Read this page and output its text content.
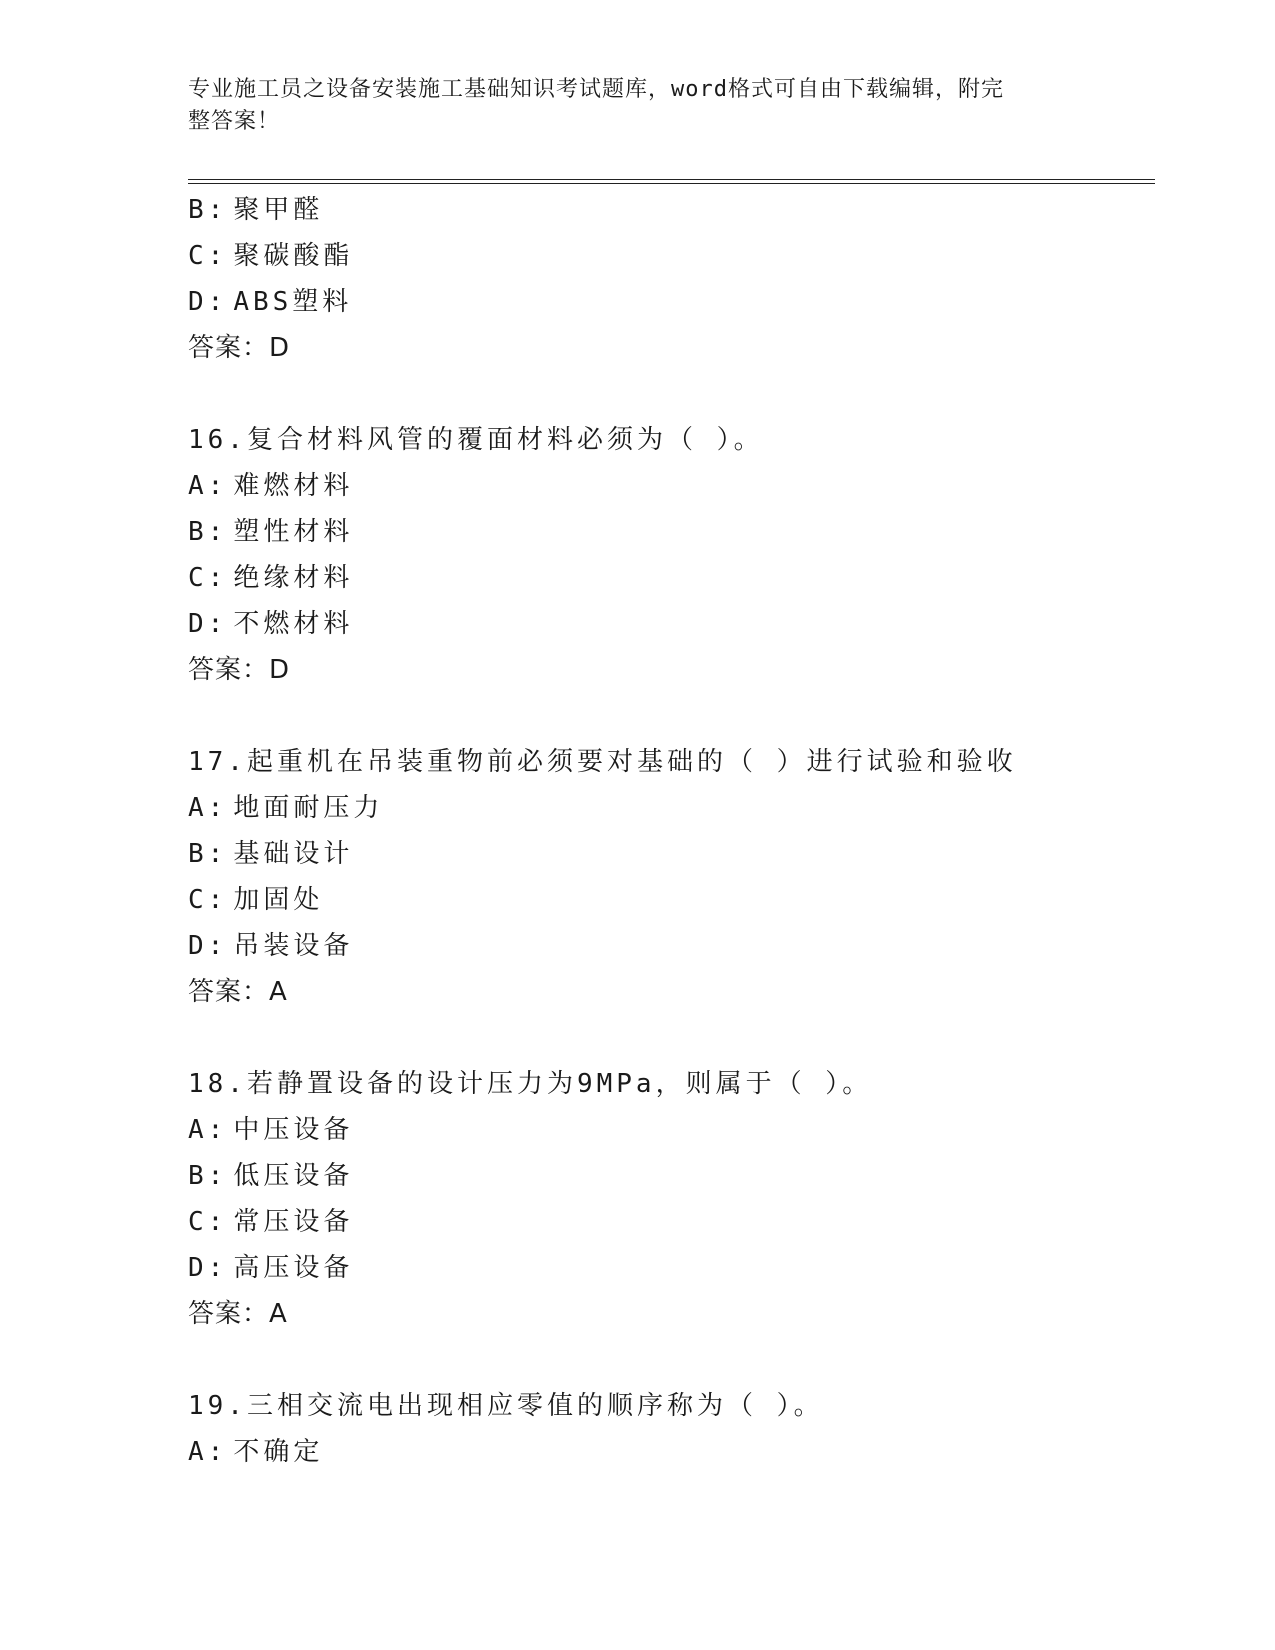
专业施工员之设备安装施工基础知识考试题库，word格式可自由下载编辑，附完
整答案！
B: 聚甲醛
C: 聚碳酸酯
D: ABS塑料
答案：D
16.复合材料风管的覆面材料必须为（ ）。
A: 难燃材料
B: 塑性材料
C: 绝缘材料
D: 不燃材料
答案：D
17.起重机在吊装重物前必须要对基础的（ ）进行试验和验收
A: 地面耐压力
B: 基础设计
C: 加固处
D: 吊装设备
答案：A
18.若静置设备的设计压力为9MPa，则属于（ ）。
A: 中压设备
B: 低压设备
C: 常压设备
D: 高压设备
答案：A
19.三相交流电出现相应零值的顺序称为（ ）。
A: 不确定
